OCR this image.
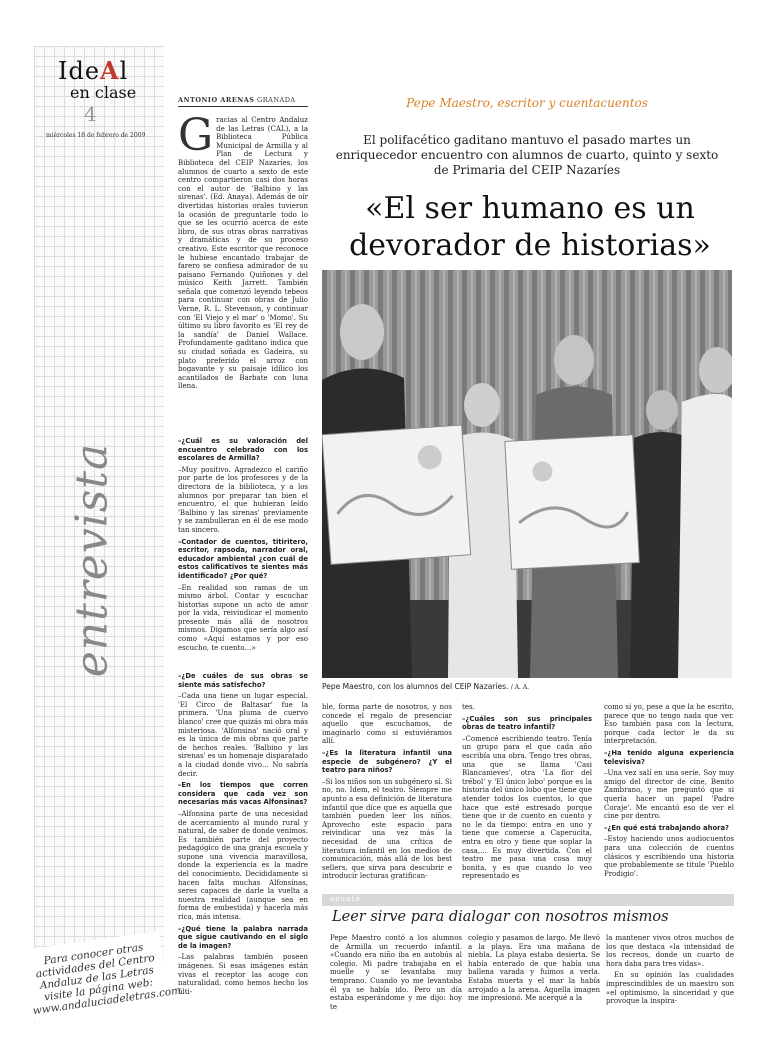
IdeAl
en clase
4
miércoles 18 de febrero de 2009
entrevista
ANTONIO ARENAS GRANADA
Gracias al Centro Andaluz de las Letras (CAL), a la Biblioteca Pública Municipal de Armilla y al Plan de Lectura y Biblioteca del CEIP Nazaríes, los alumnos de cuarto a sexto de este centro compartieron casi dos horas con el autor de 'Balbino y las sirenas'. (Ed. Anaya). Además de oír divertidas historias orales tuvieron la ocasión de preguntarle todo lo que se les ocurrió acerca de este libro, de sus otras obras narrativas y dramáticas y de su proceso creativo. Este escritor que reconoce le hubiese encantado trabajar de farero se confiesa admirador de su paisano Fernando Quiñones y del músico Keith Jarrett. También señala que comenzó leyendo tebeos para continuar con obras de Julio Verne, R. L. Stevenson, y continuar con 'El Viejo y el mar' o 'Momo'. Su último su libro favorito es 'El rey de la sandía' de Daniel Wallace. Profundamente gaditano indica que su ciudad soñada es Gadeira, su plato preferido el arroz con bogavante y su paisaje idílico los acantilados de Barbate con luna llena.

–¿Cuál es su valoración del encuentro celebrado con los escolares de Armilla?

–Muy positivo. Agradezco el cariño por parte de los profesores y de la directora de la biblioteca, y a los alumnos por preparar tan bien el encuentro, el que hubieran leído 'Balbino y las sirenas' previamente y se zambulleran en él de ese modo tan sincero.

–Contador de cuentos, titiritero, escritor, rapsoda, narrador oral, educador ambiental ¿con cuál de estos calificativos te sientes más identificado? ¿Por qué?

–En realidad son ramas de un mismo árbol. Contar y escuchar historias supone un acto de amor por la vida, reivindicar el momento presente más allá de nosotros mismos. Digamos que sería algo así como «Aquí estamos y por eso escucho, te cuento…»

–¿De cuáles de sus obras se siente más satisfecho?

–Cada una tiene un lugar especial. 'El Circo de Baltasar' fue la primera. 'Una pluma de cuervo blanco' cree que quizás mi obra más misteriosa. 'Alfonsina' nació oral y es la única de mis obras que parte de hechos reales. 'Balbino y las sirenas' es un homenaje disparatado a la ciudad donde vivo… No sabría decir.

–En los tiempos que corren considera que cada vez son necesarias más vacas Alfonsinas?

–Alfonsina parte de una necesidad de acercamiento al mundo rural y natural, de saber de donde venimos. Es también parte del proyecto pedagógico de una granja escuela y supone una vivencia maravillosa, donde la experiencia es la madre del conocimiento. Decididamente si hacen falta muchas Alfonsinas, seres capaces de darle la vuelta a nuestra realidad (aunque sea en forma de embestida) y hacerla más rica, más intensa.

–¿Qué tiene la palabra narrada que sigue cautivando en el siglo de la imagen?

–Las palabras también poseen imágenes. Si esas imágenes están vivas el receptor las acoge con naturalidad, como hemos hecho los últi-

Pepe Maestro, escritor y cuentacuentos
El polifacético gaditano mantuvo el pasado martes un enriquecedor encuentro con alumnos de cuarto, quinto y sexto de Primaria del CEIP Nazaríes
«El ser humano es un
devorador de historias»
Pepe Maestro, con los alumnos del CEIP Nazaríes. / A. A.

ble, forma parte de nosotros, y nos concede el regalo de presenciar aquello que escuchamos, de imaginarlo como si estuviéramos allí.

–¿Es la literatura infantil una especie de subgénero? ¿Y el teatro para niños?

–Si los niños son un subgénero sí. Si no, no. Idem, el teatro. Siempre me apunto a esa definición de literatura infantil que dice que es aquella que también pueden leer los niños. Aprovecho este espacio para reivindicar una vez más la necesidad de una crítica de literatura infantil en los medios de comunicación, más allá de los best sellers, que sirva para descubrir e introducir lecturas gratifican-

tes.

–¿Cuáles son sus principales obras de teatro infantil?

–Comencé escribiendo teatro. Tenía un grupo para el que cada año escribía una obra. Tengo tres obras, una que se llama 'Casi Blancanieves', otra 'La flor del trébol' y 'El único lobo' porque es la historia del único lobo que tiene que atender todos los cuentos, lo que hace que esté estresado porque tiene que ir de cuento en cuento y no le da tiempo: entra en uno y tiene que comerse a Caperucita, entra en otro y tiene que soplar la casa,… Es muy divertida. Con el teatro me pasa una cosa muy bonita, y es que cuando lo veo representado es

como si yo, pese a que la he escrito, parece que no tengo nada que ver. Eso también pasa con la lectura, porque cada lector le da su interpretación.

–¿Ha tenido alguna experiencia televisiva?

–Una vez salí en una serie. Soy muy amigo del director de cine, Benito Zambrano, y me preguntó que si quería hacer un papel 'Padre Coraje'. Me encantó eso de ver el cine por dentro.

–¿En qué está trabajando ahora?

–Estoy haciendo unos audiocuentos para una colección de cuentos clásicos y escribiendo una historia que probablemente se titule 'Pueblo Prodigio'.

apunte
Leer sirve para dialogar con nosotros mismos
Pepe Maestro contó a los alumnos de Armilla un recuerdo infantil. «Cuando era niño iba en autobús al colegio. Mi padre trabajaba en el muelle y se levantaba muy temprano. Cuando yo me levantaba él ya se había ido. Pero un día estaba esperándome y me dijo: hoy te
colegio y pasamos de largo. Me llevó a la playa. Era una mañana de niebla. La playa estaba desierta. Se había enterado de que había una ballena varada y fuimos a verla. Estaba muerta y el mar la había arrojado a la arena. Aquella imagen me impresionó. Me acerqué a la

la mantener vivos otros muchos de los que destaca «la intensidad de los recreos, donde un cuarto de hora daba para tres vidas».

En su opinión las cualidades imprescindibles de un maestro son «el optimismo, la sinceridad y que provoque la inspira-

Para conocer otras actividades del Centro Andaluz de las Letras visite la página web: www.andaluciadeletras.com
